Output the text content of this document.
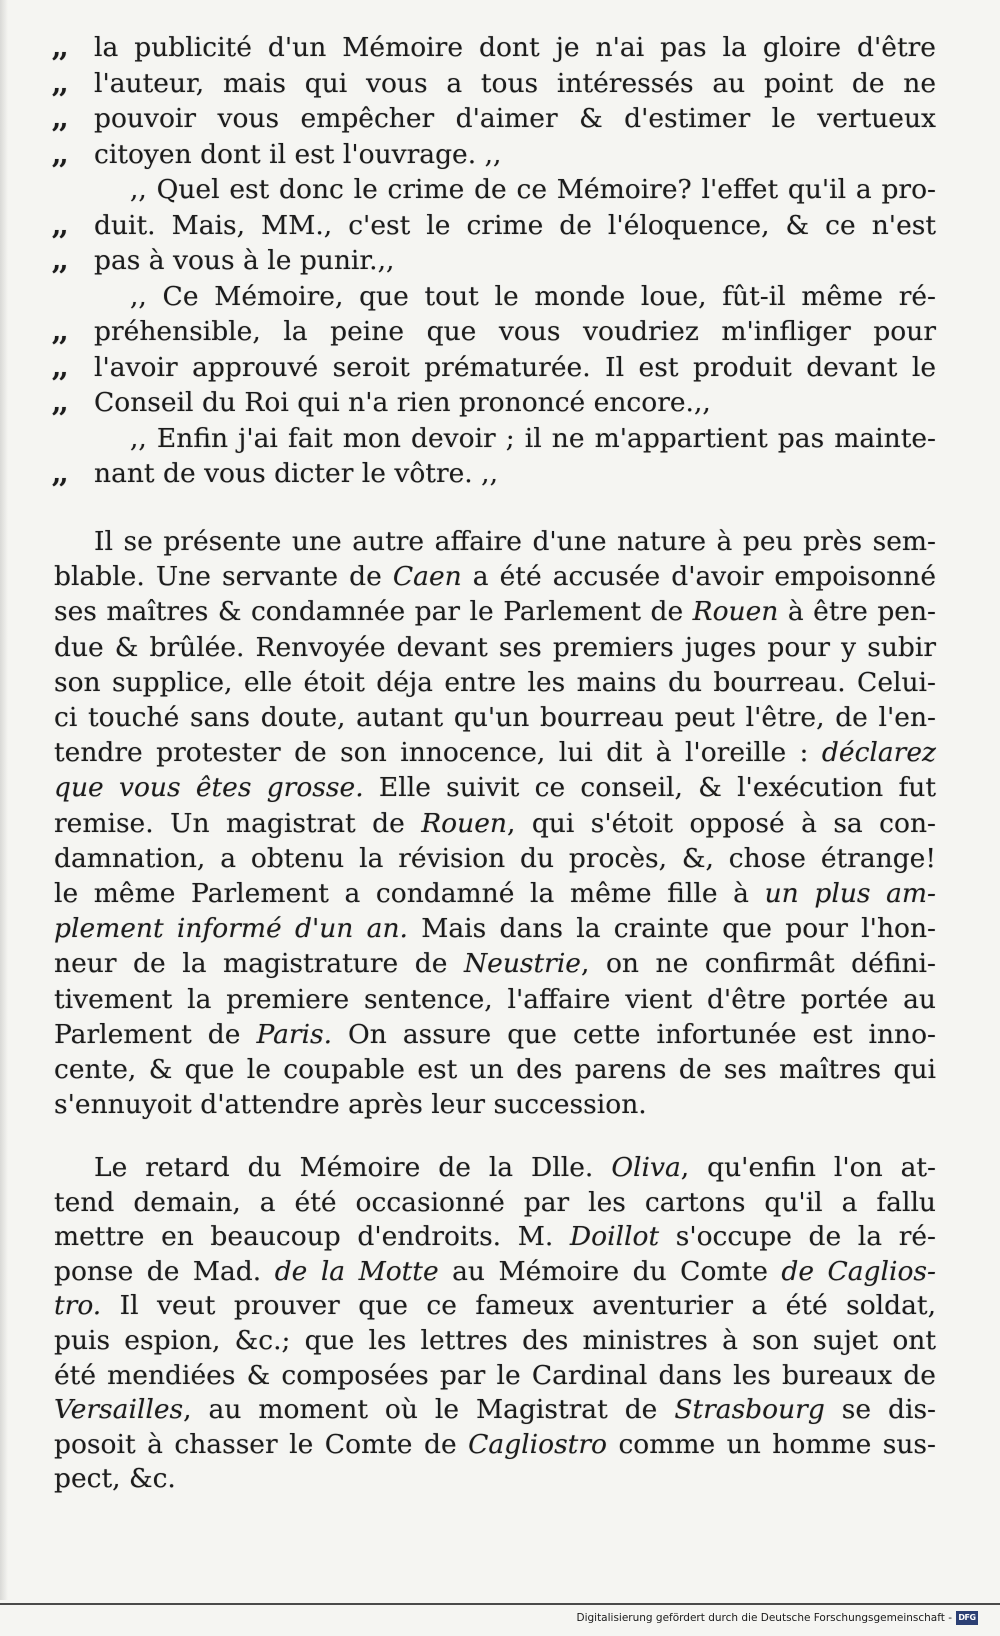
,,	la publicité d'un Mémoire dont je n'ai pas la gloire d'être
,,	l'auteur, mais qui vous a tous intéressés au point de ne
,,	pouvoir vous empêcher d'aimer & d'estimer le vertueux
,,	citoyen dont il est l'ouvrage. ,,
,, Quel est donc le crime de ce Mémoire? l'effet qu'il a pro-
,,	duit. Mais, MM., c'est le crime de l'éloquence, & ce n'est
,,	pas à vous à le punir.,,
,, Ce Mémoire, que tout le monde loue, fût-il même ré-
,,	préhensible, la peine que vous voudriez m'infliger pour
,,	l'avoir approuvé seroit prématurée. Il est produit devant le
,,	Conseil du Roi qui n'a rien prononcé encore.,,
,, Enfin j'ai fait mon devoir ; il ne m'appartient pas mainte-
,,	nant de vous dicter le vôtre. ,,
Il se présente une autre affaire d'une nature à peu près sem-
blable. Une servante de Caen a été accusée d'avoir empoisonné
ses maîtres & condamnée par le Parlement de Rouen à être pen-
due & brûlée. Renvoyée devant ses premiers juges pour y subir
son supplice, elle étoit déja entre les mains du bourreau. Celui-
ci touché sans doute, autant qu'un bourreau peut l'être, de l'en-
tendre protester de son innocence, lui dit à l'oreille : déclarez
que vous êtes grosse. Elle suivit ce conseil, & l'exécution fut
remise. Un magistrat de Rouen, qui s'étoit opposé à sa con-
damnation, a obtenu la révision du procès, &, chose étrange!
le même Parlement a condamné la même fille à un plus am-
plement informé d'un an. Mais dans la crainte que pour l'hon-
neur de la magistrature de Neustrie, on ne confirmât défini-
tivement la premiere sentence, l'affaire vient d'être portée au
Parlement de Paris. On assure que cette infortunée est inno-
cente, & que le coupable est un des parens de ses maîtres qui
s'ennuyoit d'attendre après leur succession.
Le retard du Mémoire de la Dlle. Oliva, qu'enfin l'on at-
tend demain, a été occasionné par les cartons qu'il a fallu
mettre en beaucoup d'endroits. M. Doillot s'occupe de la ré-
ponse de Mad. de la Motte au Mémoire du Comte de Caglios-
tro. Il veut prouver que ce fameux aventurier a été soldat,
puis espion, &c.; que les lettres des ministres à son sujet ont
été mendiées & composées par le Cardinal dans les bureaux de
Versailles, au moment où le Magistrat de Strasbourg se dis-
posoit à chasser le Comte de Cagliostro comme un homme sus-
pect, &c.
Digitalisierung gefördert durch die Deutsche Forschungsgemeinschaft - DFG
